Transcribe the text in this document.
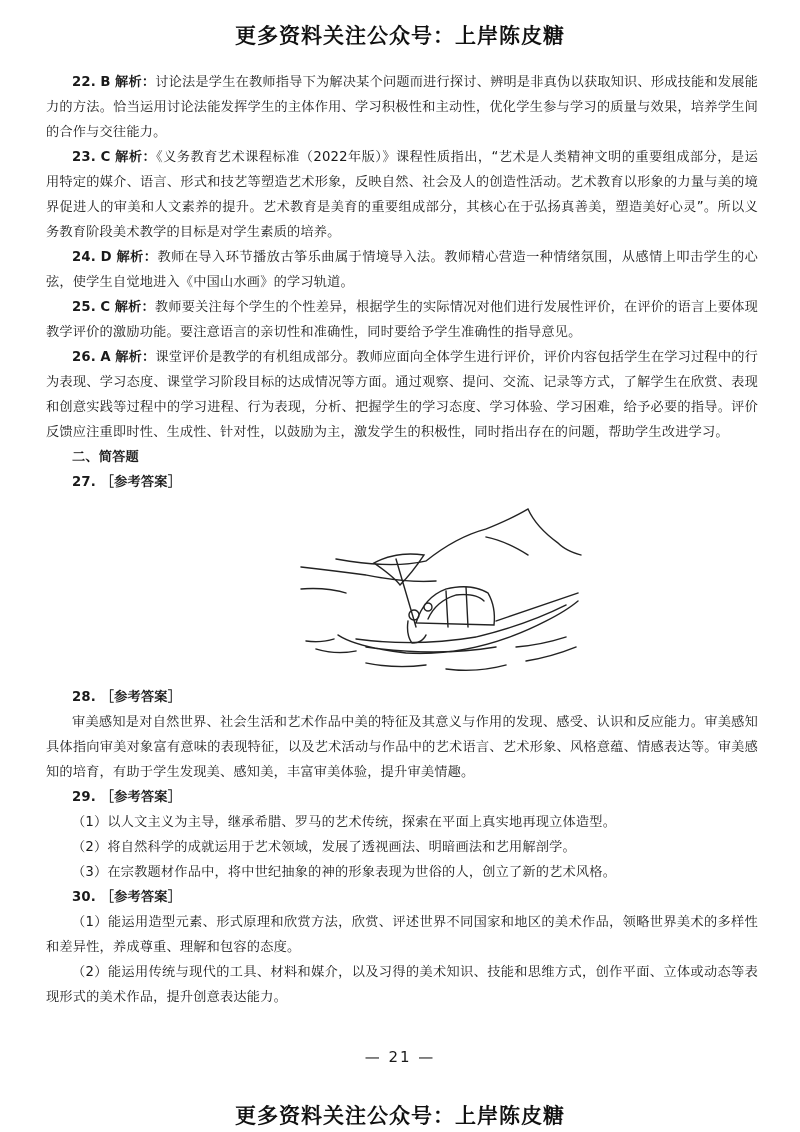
更多资料关注公众号：上岸陈皮糖

22. B 解析：讨论法是学生在教师指导下为解决某个问题而进行探讨、辨明是非真伪以获取知识、形成技能和发展能力的方法。恰当运用讨论法能发挥学生的主体作用、学习积极性和主动性，优化学生参与学习的质量与效果，培养学生间的合作与交往能力。

23. C 解析：《义务教育艺术课程标准（2022年版）》课程性质指出，“艺术是人类精神文明的重要组成部分，是运用特定的媒介、语言、形式和技艺等塑造艺术形象，反映自然、社会及人的创造性活动。艺术教育以形象的力量与美的境界促进人的审美和人文素养的提升。艺术教育是美育的重要组成部分，其核心在于弘扬真善美，塑造美好心灵”。所以义务教育阶段美术教学的目标是对学生素质的培养。

24. D 解析：教师在导入环节播放古筝乐曲属于情境导入法。教师精心营造一种情绪氛围，从感情上叩击学生的心弦，使学生自觉地进入《中国山水画》的学习轨道。

25. C 解析：教师要关注每个学生的个性差异，根据学生的实际情况对他们进行发展性评价，在评价的语言上要体现教学评价的激励功能。要注意语言的亲切性和准确性，同时要给予学生准确性的指导意见。

26. A 解析：课堂评价是教学的有机组成部分。教师应面向全体学生进行评价，评价内容包括学生在学习过程中的行为表现、学习态度、课堂学习阶段目标的达成情况等方面。通过观察、提问、交流、记录等方式，了解学生在欣赏、表现和创意实践等过程中的学习进程、行为表现，分析、把握学生的学习态度、学习体验、学习困难，给予必要的指导。评价反馈应注重即时性、生成性、针对性，以鼓励为主，激发学生的积极性，同时指出存在的问题，帮助学生改进学习。

二、简答题

27. ［参考答案］

28. ［参考答案］

审美感知是对自然世界、社会生活和艺术作品中美的特征及其意义与作用的发现、感受、认识和反应能力。审美感知具体指向审美对象富有意味的表现特征，以及艺术活动与作品中的艺术语言、艺术形象、风格意蕴、情感表达等。审美感知的培育，有助于学生发现美、感知美，丰富审美体验，提升审美情趣。

29. ［参考答案］

（1）以人文主义为主导，继承希腊、罗马的艺术传统，探索在平面上真实地再现立体造型。

（2）将自然科学的成就运用于艺术领域，发展了透视画法、明暗画法和艺用解剖学。

（3）在宗教题材作品中，将中世纪抽象的神的形象表现为世俗的人，创立了新的艺术风格。

30. ［参考答案］

（1）能运用造型元素、形式原理和欣赏方法，欣赏、评述世界不同国家和地区的美术作品，领略世界美术的多样性和差异性，养成尊重、理解和包容的态度。

（2）能运用传统与现代的工具、材料和媒介，以及习得的美术知识、技能和思维方式，创作平面、立体或动态等表现形式的美术作品，提升创意表达能力。

— 21 —
更多资料关注公众号：上岸陈皮糖
